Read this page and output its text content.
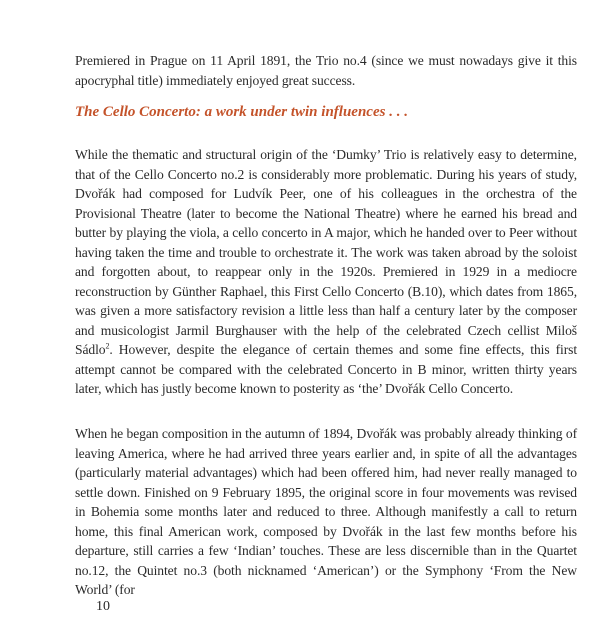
Premiered in Prague on 11 April 1891, the Trio no.4 (since we must nowadays give it this apocryphal title) immediately enjoyed great success.

The Cello Concerto: a work under twin influences . . .

While the thematic and structural origin of the ‘Dumky’ Trio is relatively easy to determine, that of the Cello Concerto no.2 is considerably more problematic. During his years of study, Dvořák had composed for Ludvík Peer, one of his colleagues in the orchestra of the Provisional Theatre (later to become the National Theatre) where he earned his bread and butter by playing the viola, a cello concerto in A major, which he handed over to Peer without having taken the time and trouble to orchestrate it. The work was taken abroad by the soloist and forgotten about, to reappear only in the 1920s. Premiered in 1929 in a mediocre reconstruction by Günther Raphael, this First Cello Concerto (B.10), which dates from 1865, was given a more satisfactory revision a little less than half a century later by the composer and musicologist Jarmil Burghauser with the help of the celebrated Czech cellist Miloš Sádlo$^2$. However, despite the elegance of certain themes and some fine effects, this first attempt cannot be compared with the celebrated Concerto in B minor, written thirty years later, which has justly become known to posterity as ‘the’ Dvořák Cello Concerto.

When he began composition in the autumn of 1894, Dvořák was probably already thinking of leaving America, where he had arrived three years earlier and, in spite of all the advantages (particularly material advantages) which had been offered him, had never really managed to settle down. Finished on 9 February 1895, the original score in four movements was revised in Bohemia some months later and reduced to three. Although manifestly a call to return home, this final American work, composed by Dvořák in the last few months before his departure, still carries a few ‘Indian’ touches. These are less discernible than in the Quartet no.12, the Quintet no.3 (both nicknamed ‘American’) or the Symphony ‘From the New World’ (for

10
